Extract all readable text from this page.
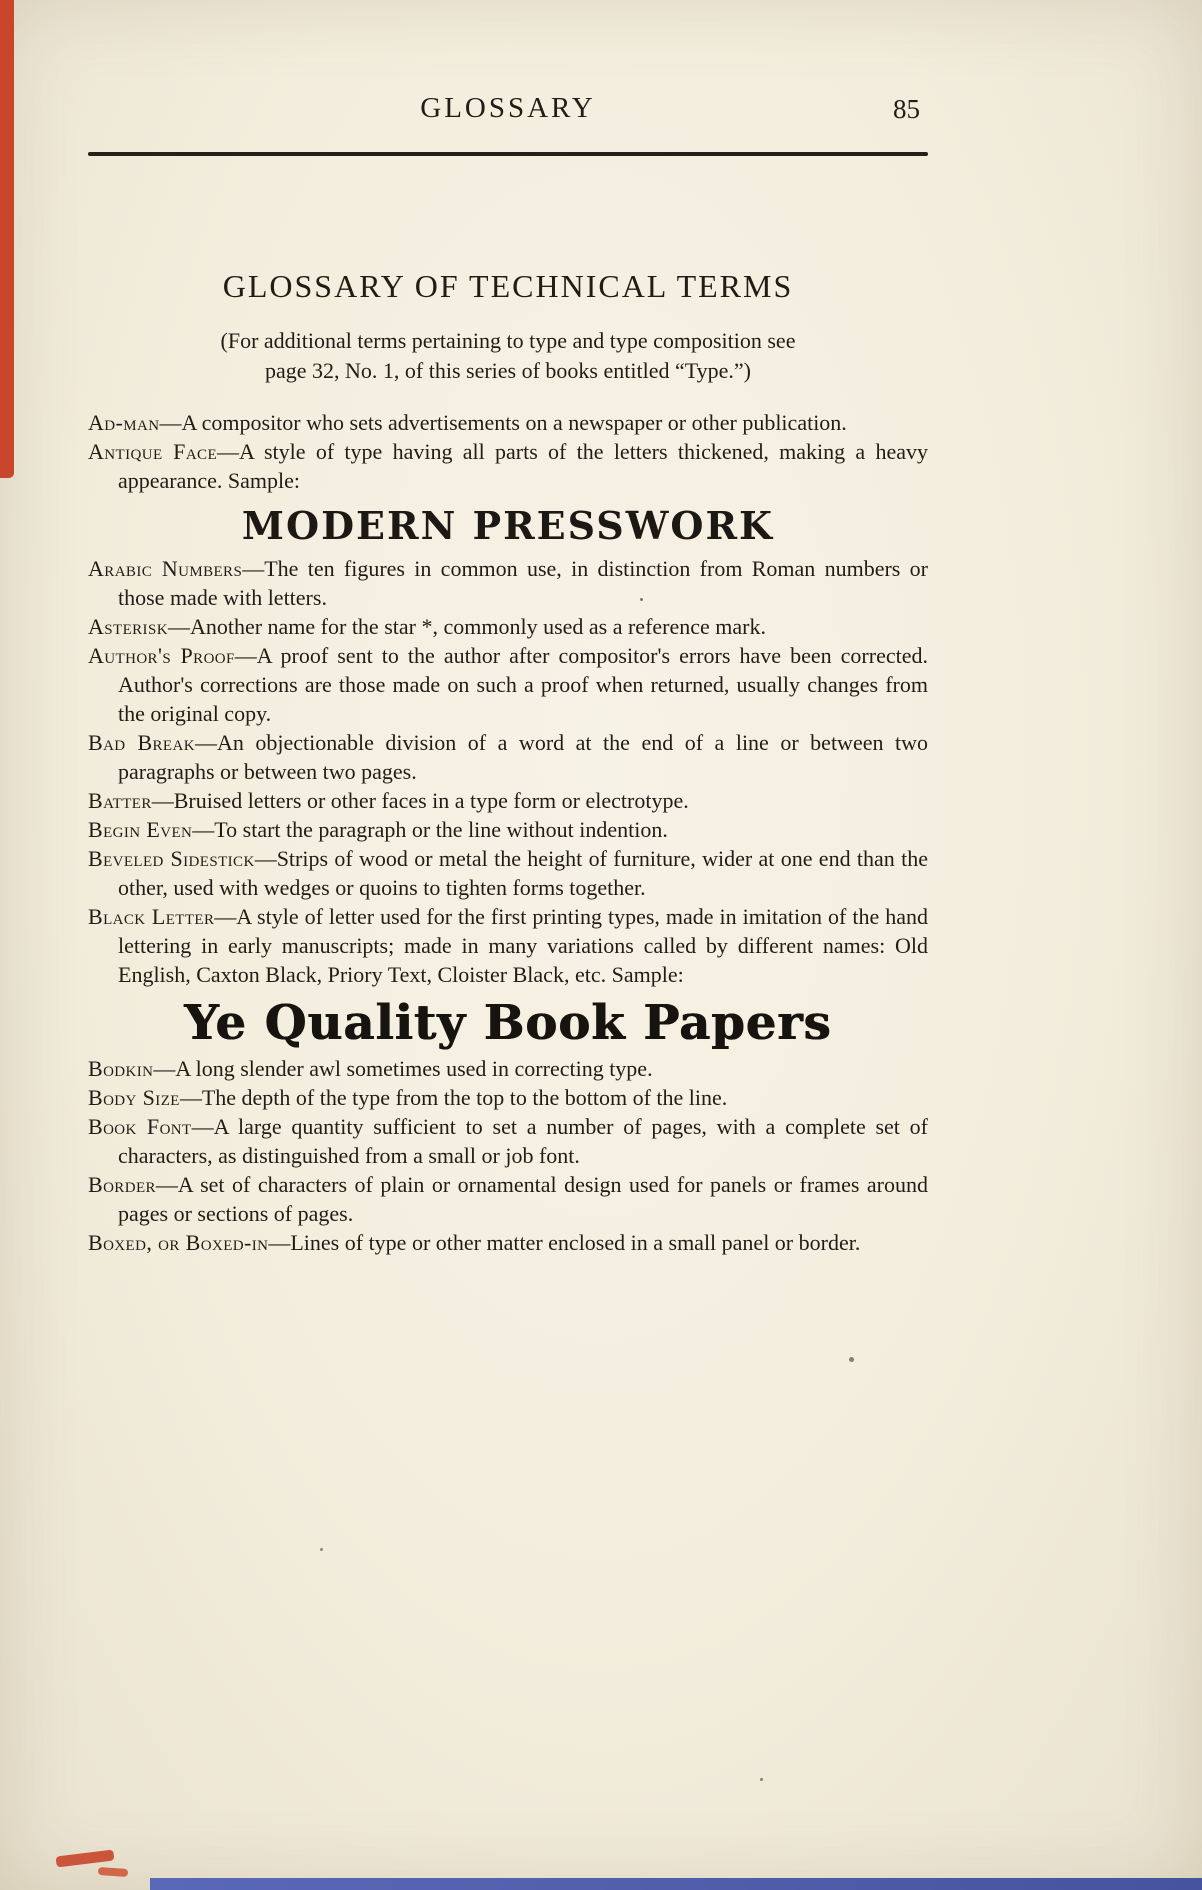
GLOSSARY	85
GLOSSARY OF TECHNICAL TERMS
(For additional terms pertaining to type and type composition see
page 32, No. 1, of this series of books entitled “Type.”)

Ad-man—A compositor who sets advertisements on a newspaper or other publication.

Antique Face—A style of type having all parts of the letters thickened, making a heavy appearance. Sample:

MODERN PRESSWORK

Arabic Numbers—The ten figures in common use, in distinction from Roman numbers or those made with letters.

Asterisk—Another name for the star *, commonly used as a reference mark.

Author's Proof—A proof sent to the author after compositor's errors have been corrected. Author's corrections are those made on such a proof when returned, usually changes from the original copy.

Bad Break—An objectionable division of a word at the end of a line or between two paragraphs or between two pages.

Batter—Bruised letters or other faces in a type form or electrotype.

Begin Even—To start the paragraph or the line without indention.

Beveled Sidestick—Strips of wood or metal the height of furniture, wider at one end than the other, used with wedges or quoins to tighten forms together.

Black Letter—A style of letter used for the first printing types, made in imitation of the hand lettering in early manuscripts; made in many variations called by different names: Old English, Caxton Black, Priory Text, Cloister Black, etc. Sample:

Ye Quality Book Papers

Bodkin—A long slender awl sometimes used in correcting type.

Body Size—The depth of the type from the top to the bottom of the line.

Book Font—A large quantity sufficient to set a number of pages, with a complete set of characters, as distinguished from a small or job font.

Border—A set of characters of plain or ornamental design used for panels or frames around pages or sections of pages.

Boxed, or Boxed-in—Lines of type or other matter enclosed in a small panel or border.
